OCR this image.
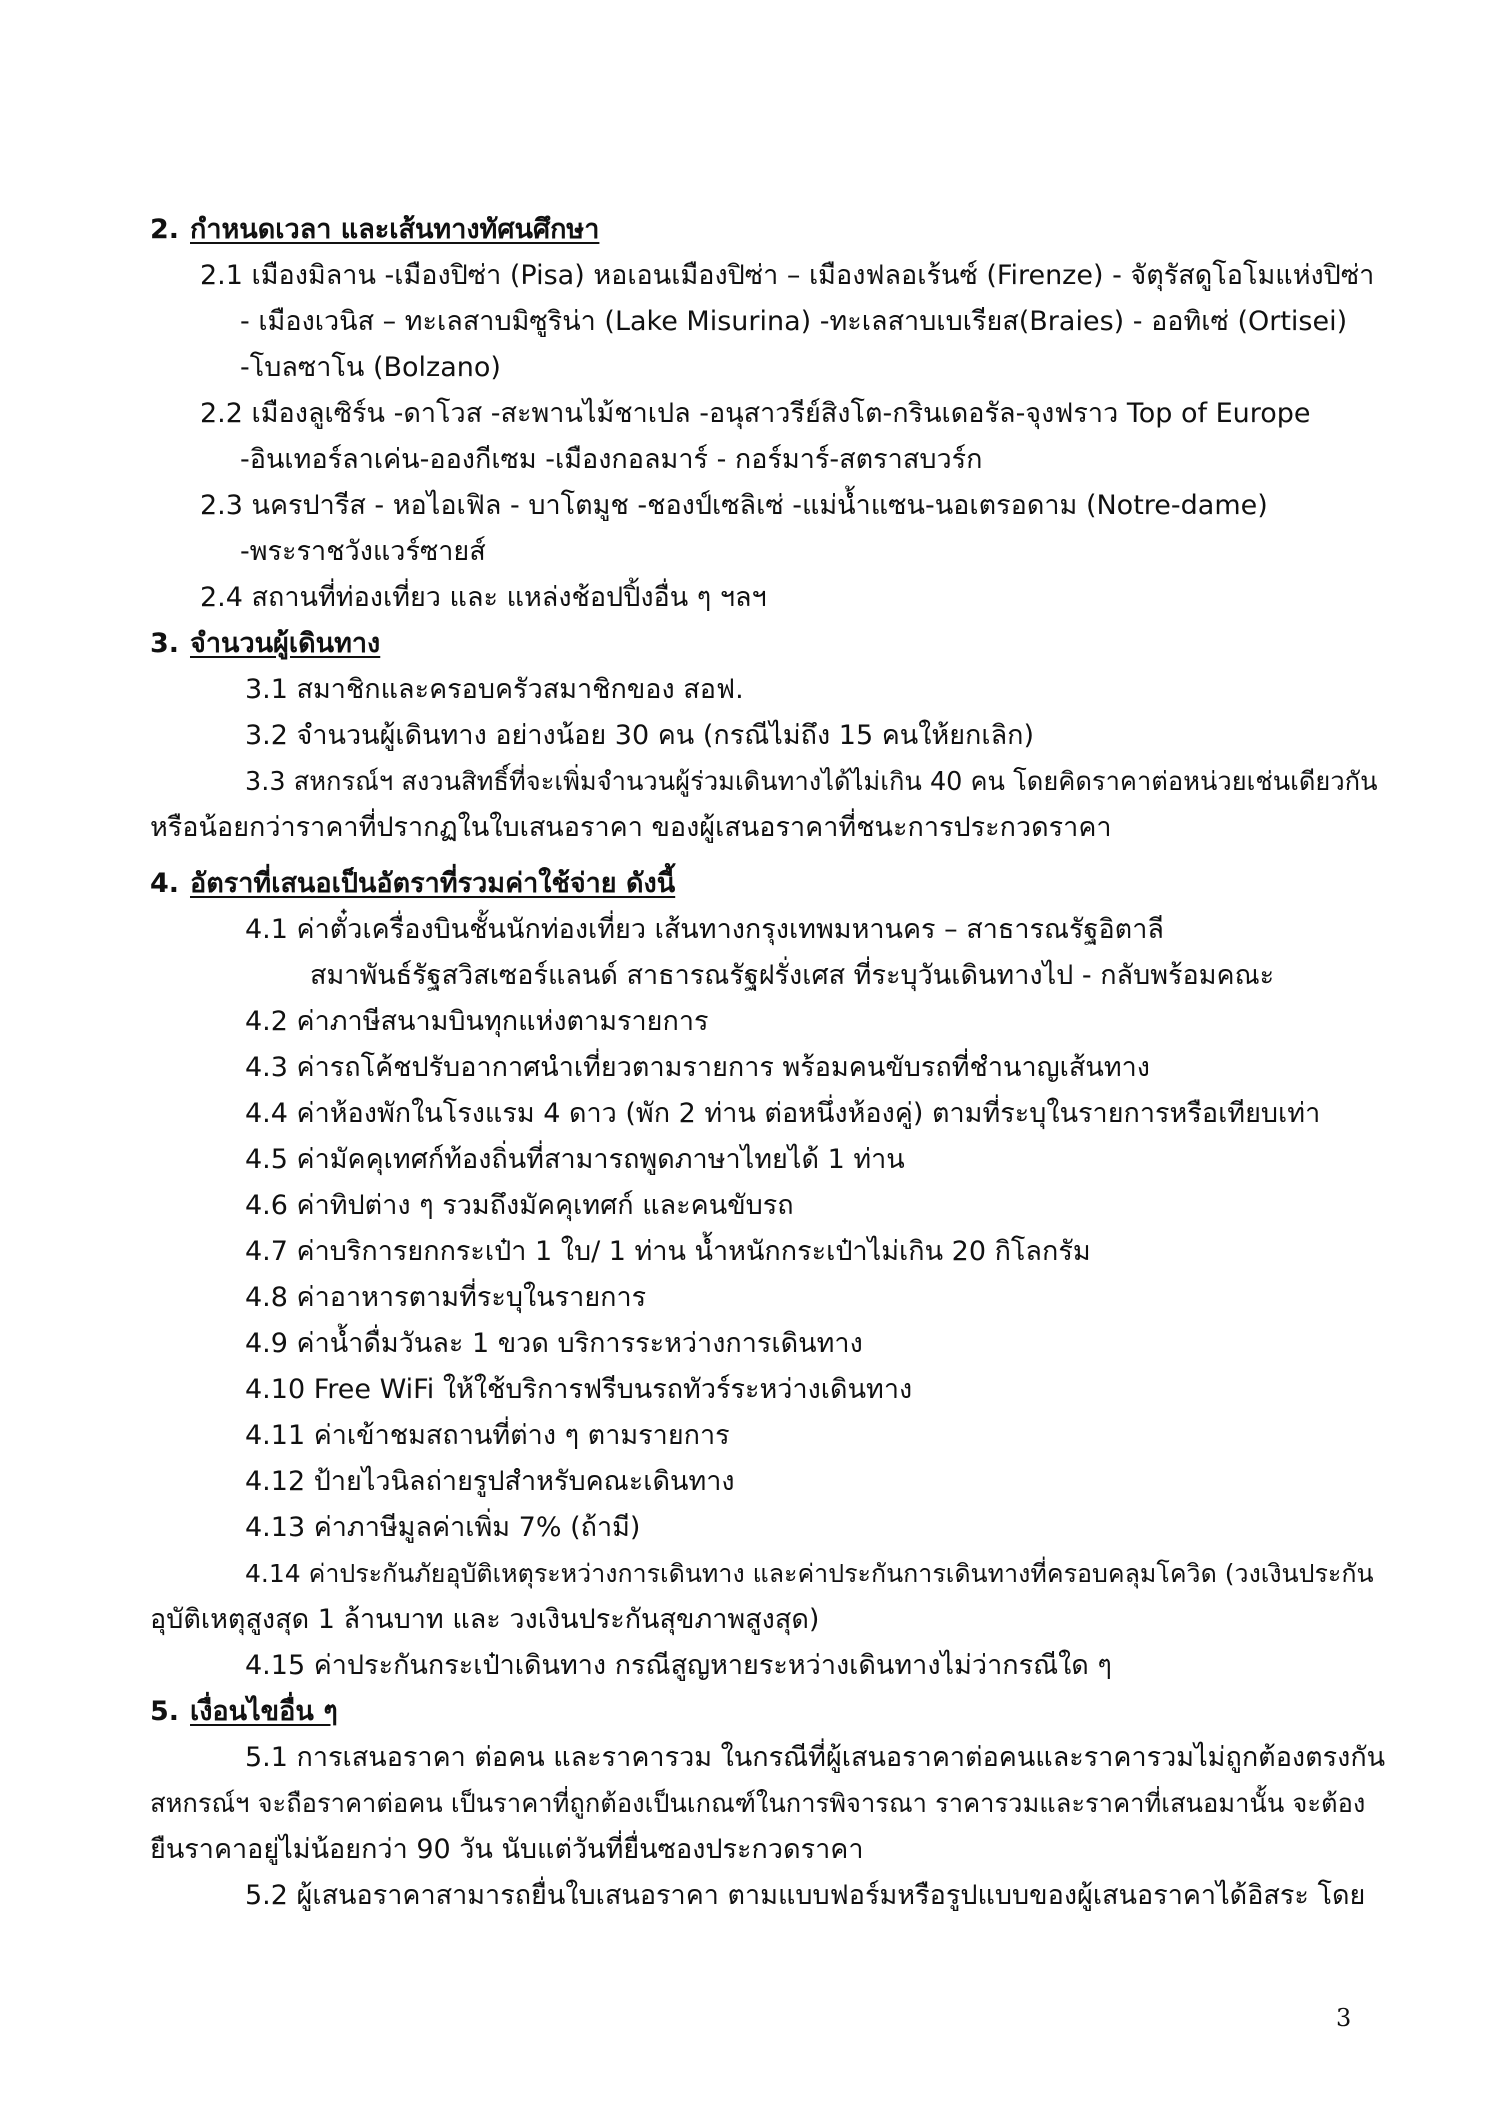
2. กำหนดเวลา และเส้นทางทัศนศึกษา
2.1 เมืองมิลาน -เมืองปิซ่า (Pisa) หอเอนเมืองปิซ่า – เมืองฟลอเร้นซ์ (Firenze) - จัตุรัสดูโอโมแห่งปิซ่า
- เมืองเวนิส – ทะเลสาบมิซูริน่า (Lake Misurina) -ทะเลสาบเบเรียส(Braies) - ออทิเซ่ (Ortisei)
-โบลซาโน (Bolzano)
2.2 เมืองลูเซิร์น -ดาโวส -สะพานไม้ชาเปล -อนุสาวรีย์สิงโต-กรินเดอรัล-จุงฟราว Top of Europe
-อินเทอร์ลาเค่น-อองกีเซม -เมืองกอลมาร์ - กอร์มาร์-สตราสบวร์ก
2.3 นครปารีส - หอไอเฟิล - บาโตมูช -ชองป์เซลิเซ่ -แม่น้ำแซน-นอเตรอดาม (Notre-dame)
-พระราชวังแวร์ซายส์
2.4 สถานที่ท่องเที่ยว และ แหล่งช้อปปิ้งอื่น ๆ ฯลฯ
3. จำนวนผู้เดินทาง
3.1 สมาชิกและครอบครัวสมาชิกของ สอฟ.
3.2 จำนวนผู้เดินทาง อย่างน้อย 30 คน (กรณีไม่ถึง 15 คนให้ยกเลิก)
3.3 สหกรณ์ฯ สงวนสิทธิ์ที่จะเพิ่มจำนวนผู้ร่วมเดินทางได้ไม่เกิน 40 คน โดยคิดราคาต่อหน่วยเช่นเดียวกัน
หรือน้อยกว่าราคาที่ปรากฏในใบเสนอราคา ของผู้เสนอราคาที่ชนะการประกวดราคา
4. อัตราที่เสนอเป็นอัตราที่รวมค่าใช้จ่าย ดังนี้
4.1 ค่าตั๋วเครื่องบินชั้นนักท่องเที่ยว เส้นทางกรุงเทพมหานคร – สาธารณรัฐอิตาลี
สมาพันธ์รัฐสวิสเซอร์แลนด์ สาธารณรัฐฝรั่งเศส ที่ระบุวันเดินทางไป - กลับพร้อมคณะ
4.2 ค่าภาษีสนามบินทุกแห่งตามรายการ
4.3 ค่ารถโค้ชปรับอากาศนำเที่ยวตามรายการ พร้อมคนขับรถที่ชำนาญเส้นทาง
4.4 ค่าห้องพักในโรงแรม 4 ดาว (พัก 2 ท่าน ต่อหนึ่งห้องคู่) ตามที่ระบุในรายการหรือเทียบเท่า
4.5 ค่ามัคคุเทศก์ท้องถิ่นที่สามารถพูดภาษาไทยได้ 1 ท่าน
4.6 ค่าทิปต่าง ๆ รวมถึงมัคคุเทศก์ และคนขับรถ
4.7 ค่าบริการยกกระเป๋า 1 ใบ/ 1 ท่าน น้ำหนักกระเป๋าไม่เกิน 20 กิโลกรัม
4.8 ค่าอาหารตามที่ระบุในรายการ
4.9 ค่าน้ำดื่มวันละ 1 ขวด บริการระหว่างการเดินทาง
4.10 Free WiFi ให้ใช้บริการฟรีบนรถทัวร์ระหว่างเดินทาง
4.11 ค่าเข้าชมสถานที่ต่าง ๆ ตามรายการ
4.12 ป้ายไวนิลถ่ายรูปสำหรับคณะเดินทาง
4.13 ค่าภาษีมูลค่าเพิ่ม 7% (ถ้ามี)
4.14 ค่าประกันภัยอุบัติเหตุระหว่างการเดินทาง และค่าประกันการเดินทางที่ครอบคลุมโควิด (วงเงินประกัน
อุบัติเหตุสูงสุด 1 ล้านบาท และ วงเงินประกันสุขภาพสูงสุด)
4.15 ค่าประกันกระเป๋าเดินทาง กรณีสูญหายระหว่างเดินทางไม่ว่ากรณีใด ๆ
5. เงื่อนไขอื่น ๆ
5.1 การเสนอราคา ต่อคน และราคารวม ในกรณีที่ผู้เสนอราคาต่อคนและราคารวมไม่ถูกต้องตรงกัน
สหกรณ์ฯ จะถือราคาต่อคน เป็นราคาที่ถูกต้องเป็นเกณฑ์ในการพิจารณา ราคารวมและราคาที่เสนอมานั้น จะต้อง
ยืนราคาอยู่ไม่น้อยกว่า 90 วัน นับแต่วันที่ยื่นซองประกวดราคา
5.2 ผู้เสนอราคาสามารถยื่นใบเสนอราคา ตามแบบฟอร์มหรือรูปแบบของผู้เสนอราคาได้อิสระ โดย
3
